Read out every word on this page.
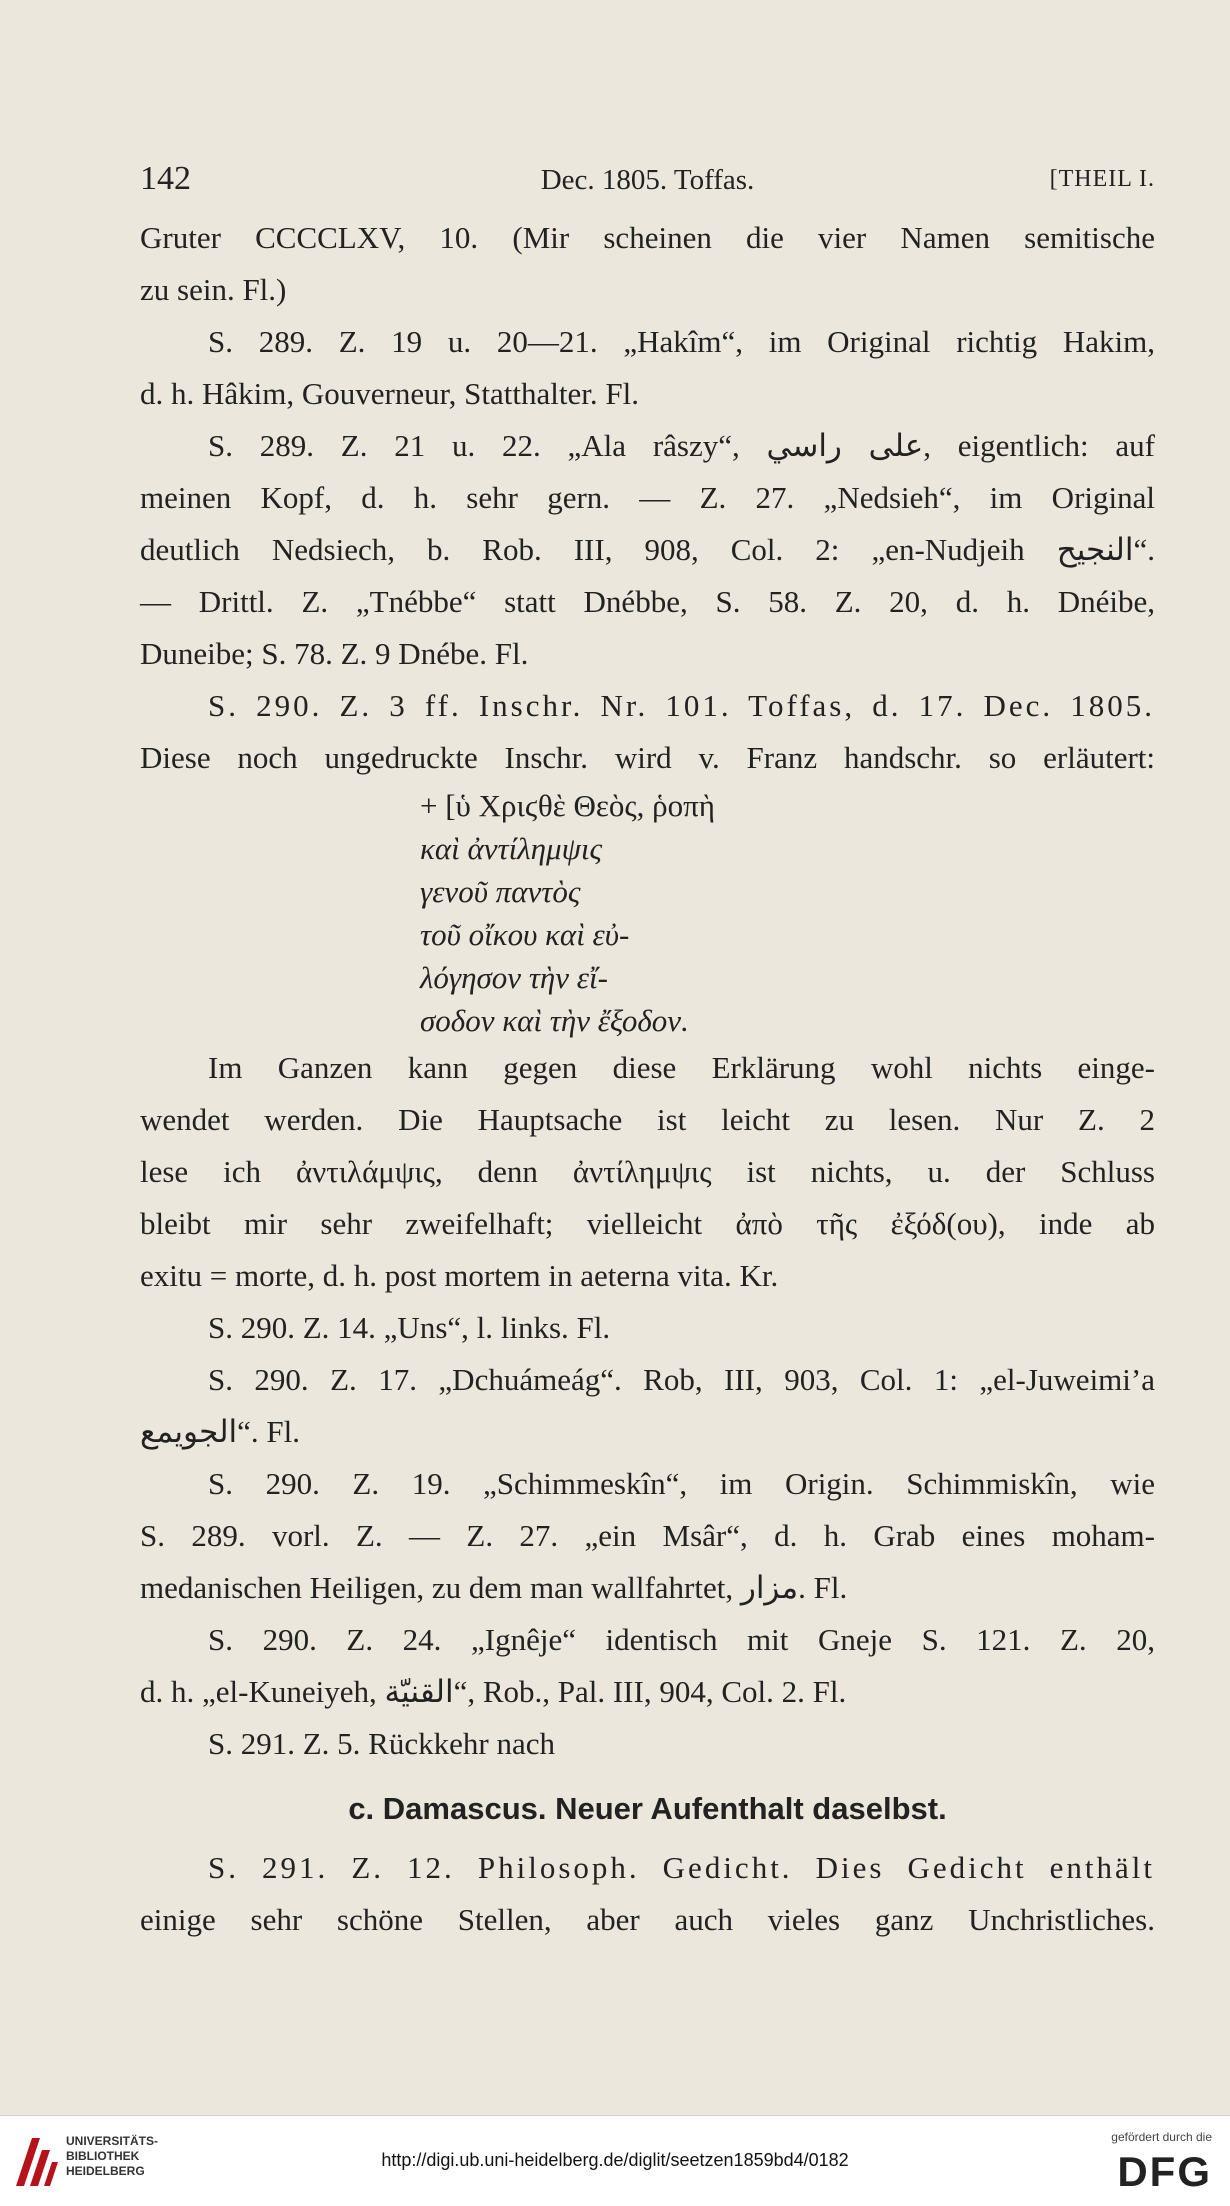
142	Dec. 1805. Toffas.	[THEIL I.
Gruter CCCCLXV, 10. (Mir scheinen die vier Namen semitische
zu sein. Fl.)
S. 289. Z. 19 u. 20—21. „Hakîm“, im Original richtig Hakim,
d. h. Hâkim, Gouverneur, Statthalter. Fl.
S. 289. Z. 21 u. 22. „Ala râszy“, على راسي, eigentlich: auf
meinen Kopf, d. h. sehr gern. — Z. 27. „Nedsieh“, im Original
deutlich Nedsiech, b. Rob. III, 908, Col. 2: „en-Nudjeih النجيح“.
— Drittl. Z. „Tnébbe“ statt Dnébbe, S. 58. Z. 20, d. h. Dnéibe,
Duneibe; S. 78. Z. 9 Dnébe. Fl.
S. 290. Z. 3 ff. Inschr. Nr. 101. Toffas, d. 17. Dec. 1805.
Diese noch ungedruckte Inschr. wird v. Franz handschr. so erläutert:
+ [ὑ Χριϛθὲ Θεὸς, ῥοπὴ
καὶ ἀντίλημψις
γενοῦ παντὸς
τοῦ οἴκου καὶ εὐ-
λόγησον τὴν εἴ-
σοδον καὶ τὴν ἔξοδον.
Im Ganzen kann gegen diese Erklärung wohl nichts einge-
wendet werden. Die Hauptsache ist leicht zu lesen. Nur Z. 2
lese ich ἀντιλάμψις, denn ἀντίλημψις ist nichts, u. der Schluss
bleibt mir sehr zweifelhaft; vielleicht ἀπὸ τῆς ἐξόδ(ου), inde ab
exitu = morte, d. h. post mortem in aeterna vita. Kr.
S. 290. Z. 14. „Uns“, l. links. Fl.
S. 290. Z. 17. „Dchuámeág“. Rob, III, 903, Col. 1: „el-Juweimi’a
الجويمع“. Fl.
S. 290. Z. 19. „Schimmeskîn“, im Origin. Schimmiskîn, wie
S. 289. vorl. Z. — Z. 27. „ein Msâr“, d. h. Grab eines moham-
medanischen Heiligen, zu dem man wallfahrtet, مزار. Fl.
S. 290. Z. 24. „Ignêje“ identisch mit Gneje S. 121. Z. 20,
d. h. „el-Kuneiyeh, القنيّة“, Rob., Pal. III, 904, Col. 2. Fl.
S. 291. Z. 5. Rückkehr nach
c. Damascus. Neuer Aufenthalt daselbst.
S. 291. Z. 12. Philosoph. Gedicht. Dies Gedicht enthält
einige sehr schöne Stellen, aber auch vieles ganz Unchristliches.
UNIVERSITÄTS-
BIBLIOTHEK
HEIDELBERG
http://digi.ub.uni-heidelberg.de/diglit/seetzen1859bd4/0182
gefördert durch die
DFG
